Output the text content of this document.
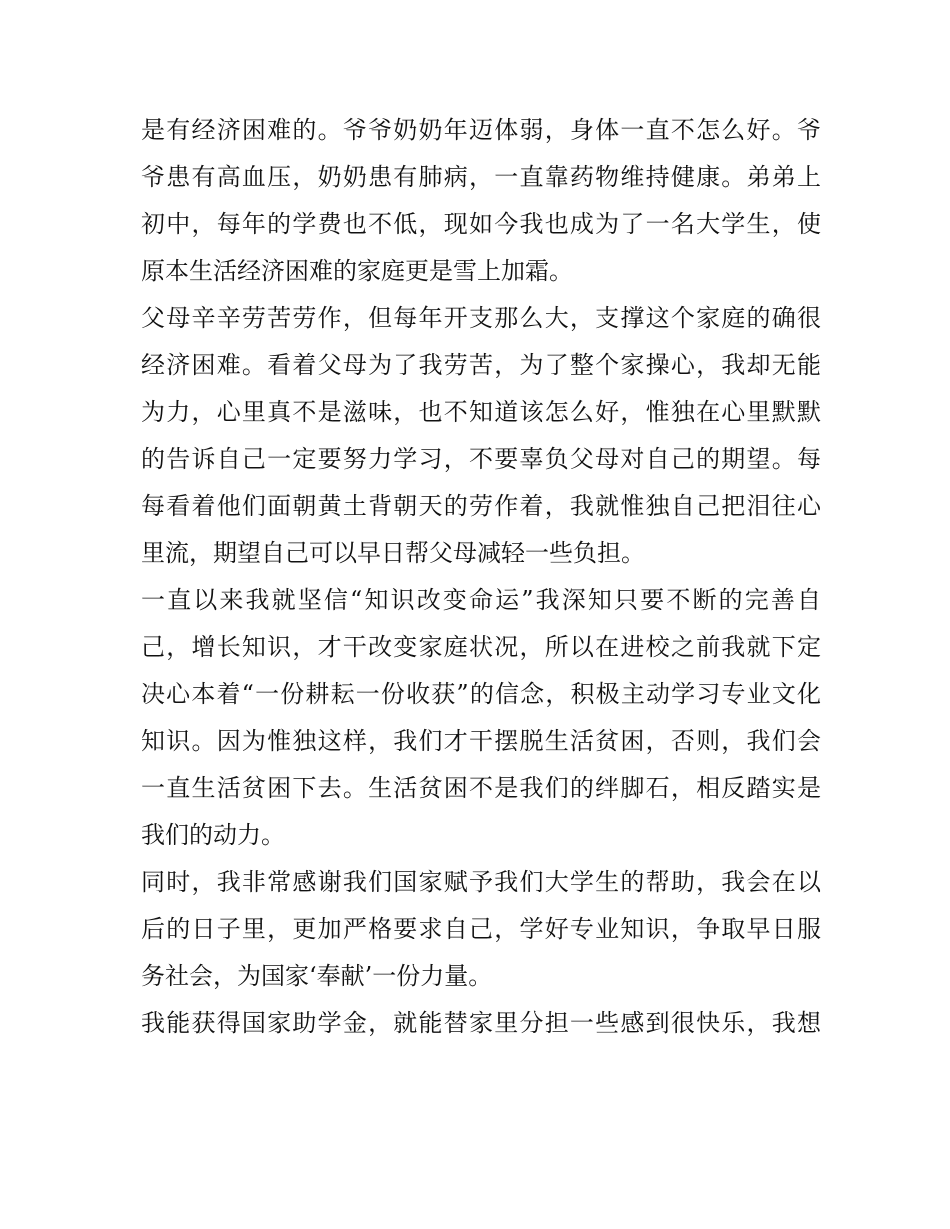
是有经济困难的。爷爷奶奶年迈体弱，身体一直不怎么好。爷
爷患有高血压，奶奶患有肺病，一直靠药物维持健康。弟弟上
初中，每年的学费也不低，现如今我也成为了一名大学生，使
原本生活经济困难的家庭更是雪上加霜。
父母辛辛劳苦劳作，但每年开支那么大，支撑这个家庭的确很
经济困难。看着父母为了我劳苦，为了整个家操心，我却无能
为力，心里真不是滋味，也不知道该怎么好，惟独在心里默默
的告诉自己一定要努力学习，不要辜负父母对自己的期望。每
每看着他们面朝黄土背朝天的劳作着，我就惟独自己把泪往心
里流，期望自己可以早日帮父母减轻一些负担。
一直以来我就坚信“知识改变命运”我深知只要不断的完善自
己，增长知识，才干改变家庭状况，所以在进校之前我就下定
决心本着“一份耕耘一份收获”的信念，积极主动学习专业文化
知识。因为惟独这样，我们才干摆脱生活贫困，否则，我们会
一直生活贫困下去。生活贫困不是我们的绊脚石，相反踏实是
我们的动力。
同时，我非常感谢我们国家赋予我们大学生的帮助，我会在以
后的日子里，更加严格要求自己，学好专业知识，争取早日服
务社会，为国家‘奉献’一份力量。
我能获得国家助学金，就能替家里分担一些感到很快乐，我想
